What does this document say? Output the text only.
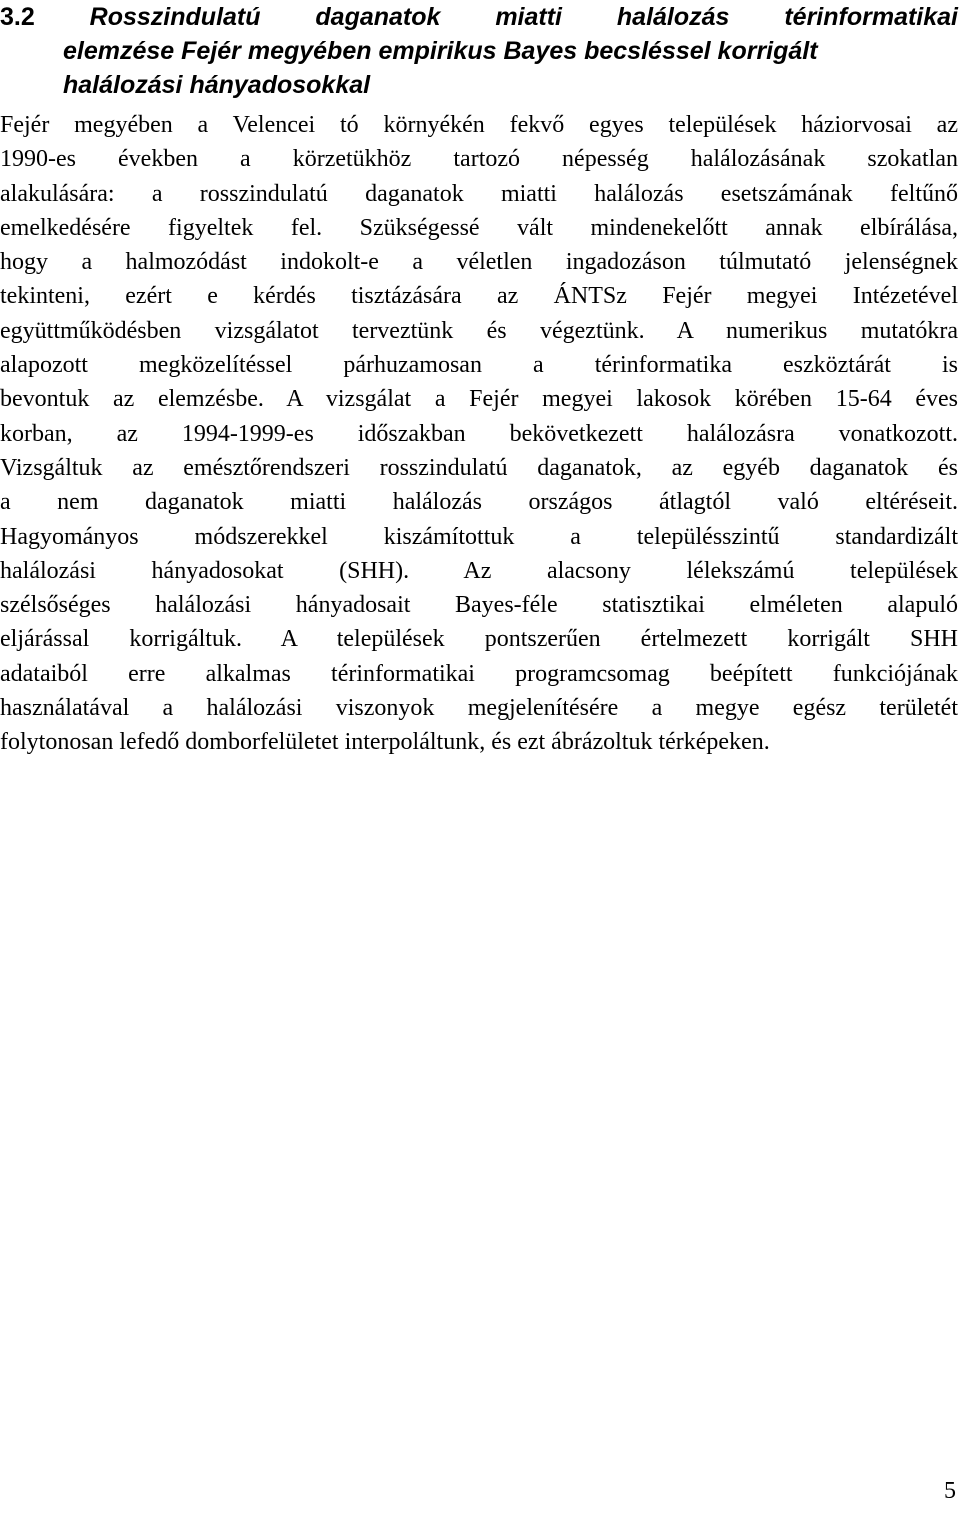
3.2 Rosszindulatú daganatok miatti halálozás térinformatikai
elemzése Fejér megyében empirikus Bayes becsléssel korrigált
halálozási hányadosokkal
Fejér megyében a Velencei tó környékén fekvő egyes települések háziorvosai az
1990-es években a körzetükhöz tartozó népesség halálozásának szokatlan
alakulására: a rosszindulatú daganatok miatti halálozás esetszámának feltűnő
emelkedésére figyeltek fel. Szükségessé vált mindenekelőtt annak elbírálása,
hogy a halmozódást indokolt-e a véletlen ingadozáson túlmutató jelenségnek
tekinteni, ezért e kérdés tisztázására az ÁNTSz Fejér megyei Intézetével
együttműködésben vizsgálatot terveztünk és végeztünk. A numerikus mutatókra
alapozott megközelítéssel párhuzamosan a térinformatika eszköztárát is
bevontuk az elemzésbe. A vizsgálat a Fejér megyei lakosok körében 15-64 éves
korban, az 1994-1999-es időszakban bekövetkezett halálozásra vonatkozott.
Vizsgáltuk az emésztőrendszeri rosszindulatú daganatok, az egyéb daganatok és
a nem daganatok miatti halálozás országos átlagtól való eltéréseit.
Hagyományos módszerekkel kiszámítottuk a településszintű standardizált
halálozási hányadosokat (SHH). Az alacsony lélekszámú települések
szélsőséges halálozási hányadosait Bayes-féle statisztikai elméleten alapuló
eljárással korrigáltuk. A települések pontszerűen értelmezett korrigált SHH
adataiból erre alkalmas térinformatikai programcsomag beépített funkciójának
használatával a halálozási viszonyok megjelenítésére a megye egész területét
folytonosan lefedő domborfelületet interpoláltunk, és ezt ábrázoltuk térképeken.
5
